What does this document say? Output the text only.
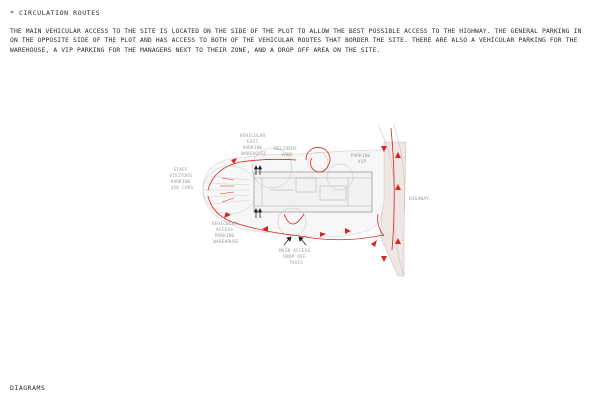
* CIRCULATION ROUTES
THE MAIN VEHICULAR ACCESS TO THE SITE IS LOCATED ON THE SIDE OF THE PLOT TO ALLOW THE BEST POSSIBLE ACCESS TO THE HIGHWAY. THE GENERAL PARKING IN ON THE OPPOSITE SIDE OF THE PLOT AND HAS ACCESS TO BOTH OF THE VEHICULAR ROUTES THAT BORDER THE SITE. THERE ARE ALSO A VEHICULAR PARKING FOR THE WAREHOUSE, A VIP PARKING FOR THE MANAGERS NEXT TO THEIR ZONE, AND A DROP OFF AREA ON THE SITE.
VEHICULAR EXIT PARKING WAREHOUSE
DELIVERY VANS	PARKING VIP
STAFF VISITORS PARKING 350 CARS
VEHICULAR ACCESS PARKING WAREHOUSE
MAIN ACCESS DROP OFF TAXIS
HIGHWAY
DIAGRAMS
